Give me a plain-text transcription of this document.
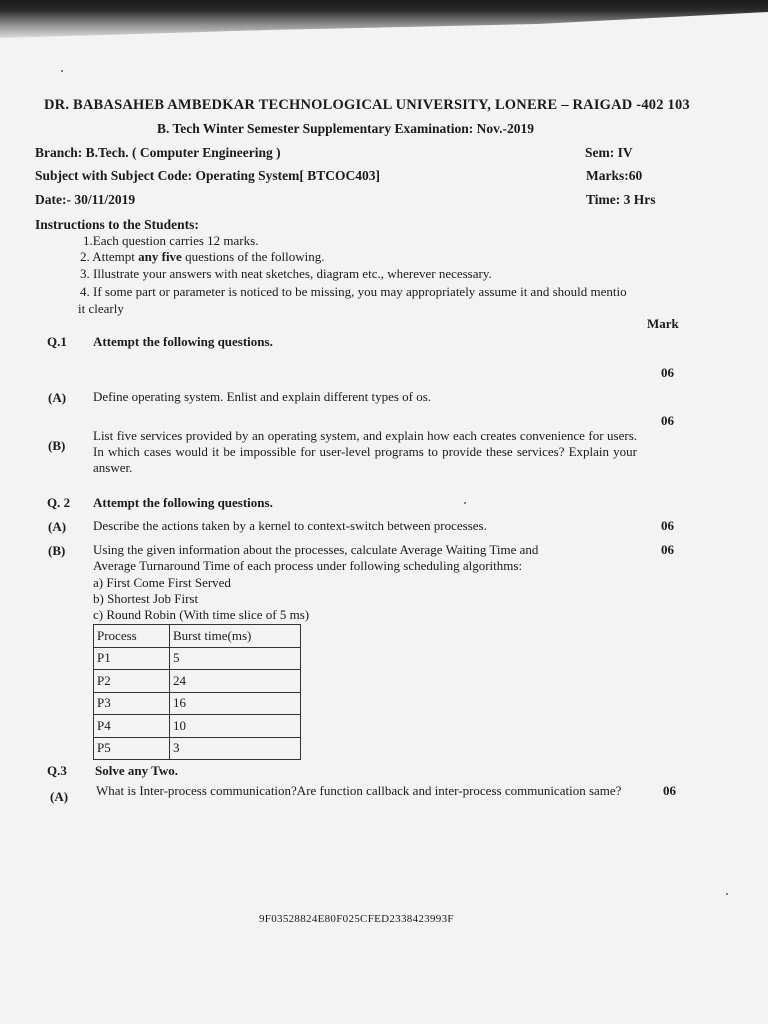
DR. BABASAHEB AMBEDKAR TECHNOLOGICAL UNIVERSITY, LONERE – RAIGAD -402 103
B. Tech Winter Semester Supplementary Examination: Nov.-2019
Branch: B.Tech. ( Computer Engineering )	Sem: IV
Subject with Subject Code: Operating System[ BTCOC403]	Marks:60
Date:- 30/11/2019	Time: 3 Hrs
Instructions to the Students:
1.Each question carries 12 marks.
2. Attempt any five questions of the following.
3. Illustrate your answers with neat sketches, diagram etc., wherever necessary.
4. If some part or parameter is noticed to be missing, you may appropriately assume it and should mentio
it clearly
Mark
Q.1 Attempt the following questions.
06
(A) Define operating system. Enlist and explain different types of os.
06
(B)
List five services provided by an operating system, and explain how each creates convenience for users. In which cases would it be impossible for user-level programs to provide these services? Explain your answer.
Q. 2 Attempt the following questions.
(A) Describe the actions taken by a kernel to context-switch between processes.	06
(B) Using the given information about the processes, calculate Average Waiting Time and	06
Average Turnaround Time of each process under following scheduling algorithms:
a) First Come First Served
b) Shortest Job First
c) Round Robin (With time slice of 5 ms)
Process	Burst time(ms)
P1	5
P2	24
P3	16
P4	10
P5	3
Q.3 Solve any Two.
(A) What is Inter-process communication?Are function callback and inter-process communication same?	06
9F03528824E80F025CFED2338423993F
